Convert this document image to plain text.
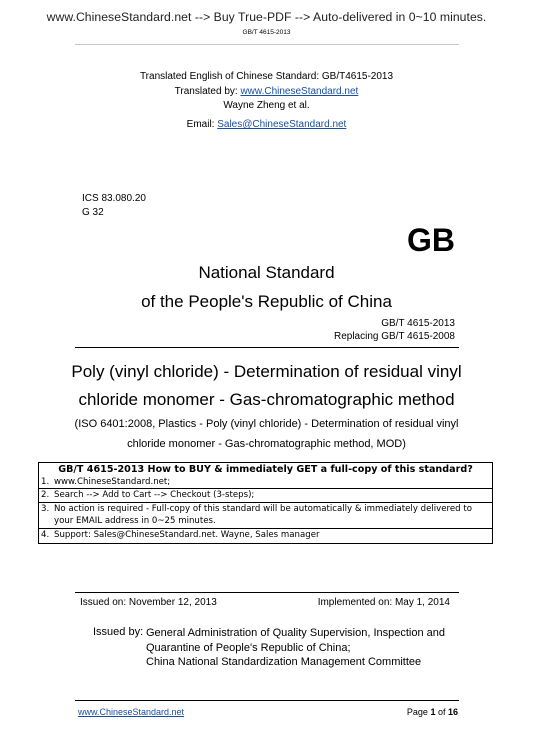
www.ChineseStandard.net --> Buy True-PDF --> Auto-delivered in 0~10 minutes.
GB/T 4615-2013
Translated English of Chinese Standard: GB/T4615-2013
Translated by: www.ChineseStandard.net
Wayne Zheng et al.
Email: Sales@ChineseStandard.net
ICS 83.080.20
G 32
GB
National Standard
of the People's Republic of China
GB/T 4615-2013
Replacing GB/T 4615-2008
Poly (vinyl chloride) - Determination of residual vinyl
chloride monomer - Gas-chromatographic method
(ISO 6401:2008, Plastics - Poly (vinyl chloride) - Determination of residual vinyl
chloride monomer - Gas-chromatographic method, MOD)
GB/T 4615-2013 How to BUY & immediately GET a full-copy of this standard?
1. www.ChineseStandard.net;
2. Search --> Add to Cart --> Checkout (3-steps);
3. No action is required - Full-copy of this standard will be automatically & immediately delivered to
your EMAIL address in 0~25 minutes.
4. Support: Sales@ChineseStandard.net. Wayne, Sales manager
Issued on: November 12, 2013	Implemented on: May 1, 2014
Issued by: General Administration of Quality Supervision, Inspection and
Quarantine of People's Republic of China;
China National Standardization Management Committee
www.ChineseStandard.net	Page 1 of 16
